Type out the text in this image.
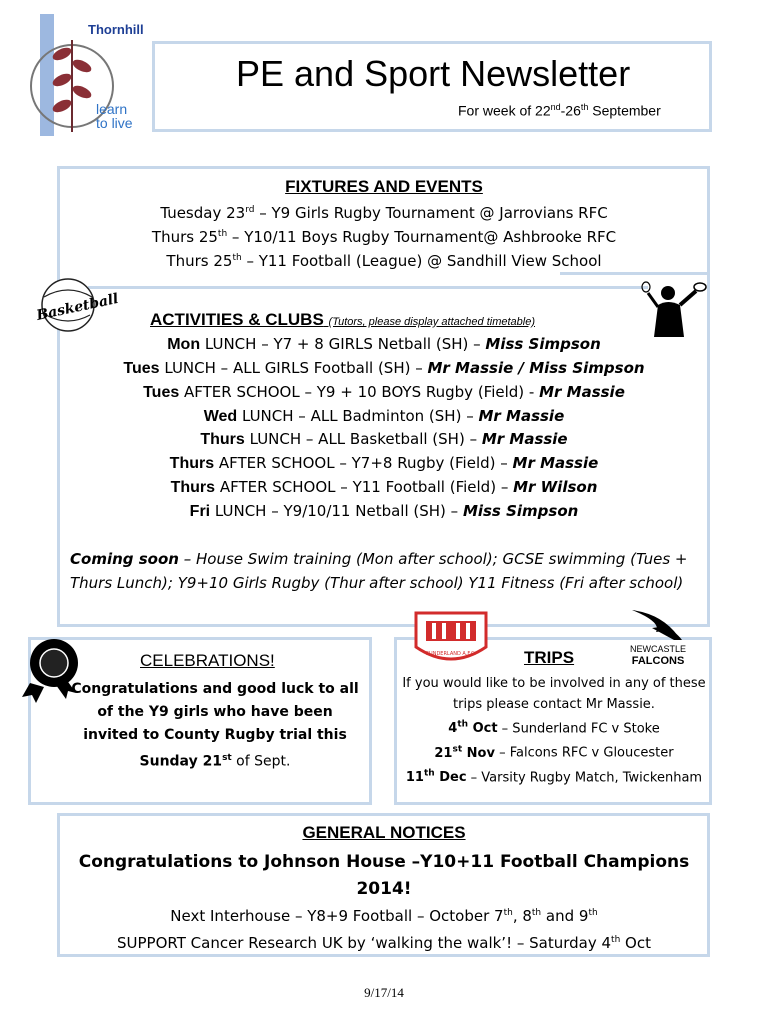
Thornhill
learn
to live
PE and Sport Newsletter
For week of 22nd-26th September
FIXTURES AND EVENTS
Tuesday 23rd – Y9 Girls Rugby Tournament @ Jarrovians RFC
Thurs 25th – Y10/11 Boys Rugby Tournament@ Ashbrooke RFC
Thurs 25th – Y11 Football (League) @ Sandhill View School
Basketball ACTIVITIES & CLUBS (Tutors, please display attached timetable)
Mon LUNCH – Y7 + 8 GIRLS Netball (SH) – Miss Simpson
Tues LUNCH – ALL GIRLS Football (SH) – Mr Massie / Miss Simpson
Tues AFTER SCHOOL – Y9 + 10 BOYS Rugby (Field) - Mr Massie
Wed LUNCH – ALL Badminton (SH) – Mr Massie
Thurs LUNCH – ALL Basketball (SH) – Mr Massie
Thurs AFTER SCHOOL – Y7+8 Rugby (Field) – Mr Massie
Thurs AFTER SCHOOL – Y11 Football (Field) – Mr Wilson
Fri LUNCH – Y9/10/11 Netball (SH) – Miss Simpson
Coming soon – House Swim training (Mon after school); GCSE swimming (Tues + Thurs Lunch); Y9+10 Girls Rugby (Thur after school) Y11 Fitness (Fri after school)
CELEBRATIONS!
Congratulations and good luck to all of the Y9 girls who have been invited to County Rugby trial this Sunday 21st of Sept.
SUNDERLAND A.F.C.	TRIPS	NEWCASTLE
FALCONS
If you would like to be involved in any of these trips please contact Mr Massie.
4th Oct – Sunderland FC v Stoke
21st Nov – Falcons RFC v Gloucester
11th Dec – Varsity Rugby Match, Twickenham
GENERAL NOTICES
Congratulations to Johnson House –Y10+11 Football Champions 2014!
Next Interhouse – Y8+9 Football – October 7th, 8th and 9th
SUPPORT Cancer Research UK by ‘walking the walk’! – Saturday 4th Oct
9/17/14
